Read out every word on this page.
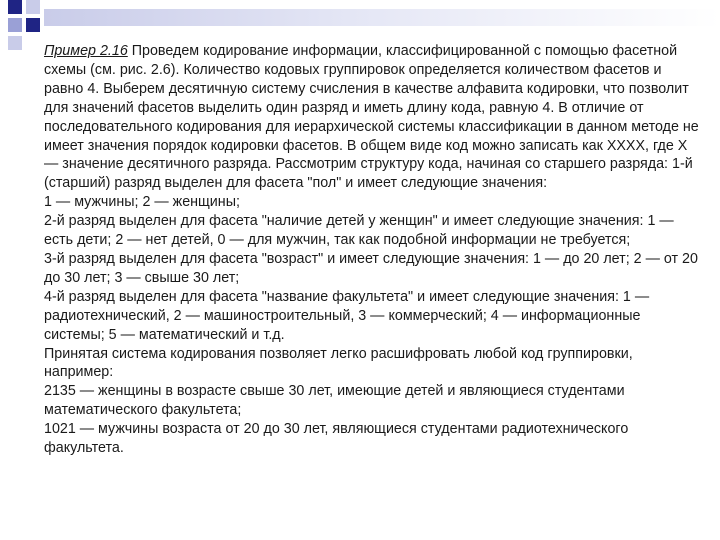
Пример 2.16 Проведем кодирование информации, классифицированной с помощью фасетной схемы (см. рис. 2.6). Количество кодовых группировок определяется количеством фасетов и равно 4. Выберем десятичную систему счисления в качестве алфавита кодировки, что позволит для значений фасетов выделить один разряд и иметь длину кода, равную 4. В отличие от последовательного кодирования для иерархической системы классификации в данном методе не имеет значения порядок кодировки фасетов. В общем виде код можно записать как ХХХХ, где Х — значение десятичного разряда. Рассмотрим структуру кода, начиная со старшего разряда: 1-й (старший) разряд выделен для фасета "пол" и имеет следующие значения:

1 — мужчины; 2 — женщины;

2-й разряд выделен для фасета "наличие детей у женщин" и имеет следующие значения: 1 — есть дети; 2 — нет детей, 0 — для мужчин, так как подобной информации не требуется;

3-й разряд выделен для фасета "возраст" и имеет следующие значения: 1 — до 20 лет; 2 — от 20 до 30 лет; 3 — свыше 30 лет;

4-й разряд выделен для фасета "название факультета" и имеет следующие значения: 1 — радиотехнический, 2 — машиностроительный, 3 — коммерческий; 4 — информационные системы; 5 — математический и т.д.

Принятая система кодирования позволяет легко расшифровать любой код группировки, например:

2135 — женщины в возрасте свыше 30 лет, имеющие детей и являющиеся студентами математического факультета;

1021 — мужчины возраста от 20 до 30 лет, являющиеся студентами радиотехнического факультета.
